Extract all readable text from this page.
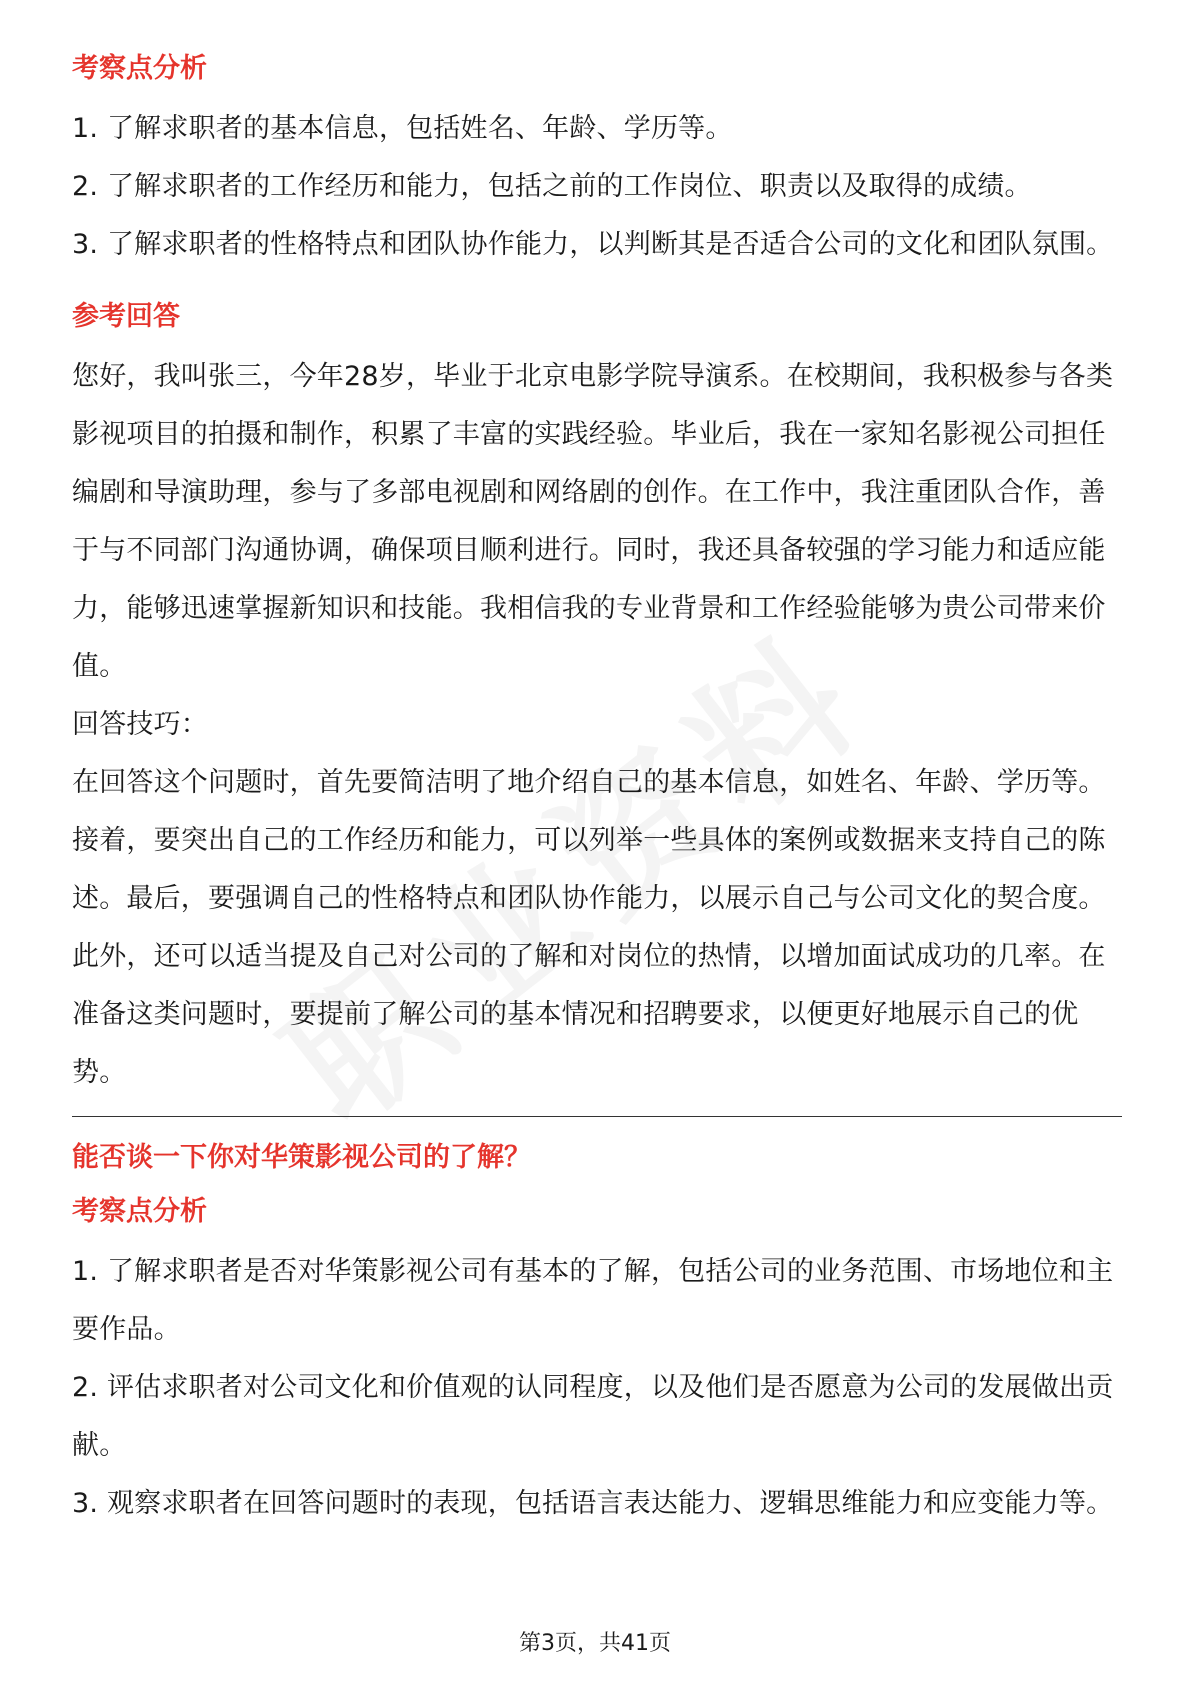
考察点分析

1. 了解求职者的基本信息，包括姓名、年龄、学历等。

2. 了解求职者的工作经历和能力，包括之前的工作岗位、职责以及取得的成绩。

3. 了解求职者的性格特点和团队协作能力，以判断其是否适合公司的文化和团队氛围。

参考回答

您好，我叫张三，今年28岁，毕业于北京电影学院导演系。在校期间，我积极参与各类影视项目的拍摄和制作，积累了丰富的实践经验。毕业后，我在一家知名影视公司担任编剧和导演助理，参与了多部电视剧和网络剧的创作。在工作中，我注重团队合作，善于与不同部门沟通协调，确保项目顺利进行。同时，我还具备较强的学习能力和适应能力，能够迅速掌握新知识和技能。我相信我的专业背景和工作经验能够为贵公司带来价值。

回答技巧：

在回答这个问题时，首先要简洁明了地介绍自己的基本信息，如姓名、年龄、学历等。接着，要突出自己的工作经历和能力，可以列举一些具体的案例或数据来支持自己的陈述。最后，要强调自己的性格特点和团队协作能力，以展示自己与公司文化的契合度。此外，还可以适当提及自己对公司的了解和对岗位的热情，以增加面试成功的几率。在准备这类问题时，要提前了解公司的基本情况和招聘要求，以便更好地展示自己的优势。

能否谈一下你对华策影视公司的了解？
考察点分析

1. 了解求职者是否对华策影视公司有基本的了解，包括公司的业务范围、市场地位和主要作品。

2. 评估求职者对公司文化和价值观的认同程度，以及他们是否愿意为公司的发展做出贡献。

3. 观察求职者在回答问题时的表现，包括语言表达能力、逻辑思维能力和应变能力等。

第3页，共41页
